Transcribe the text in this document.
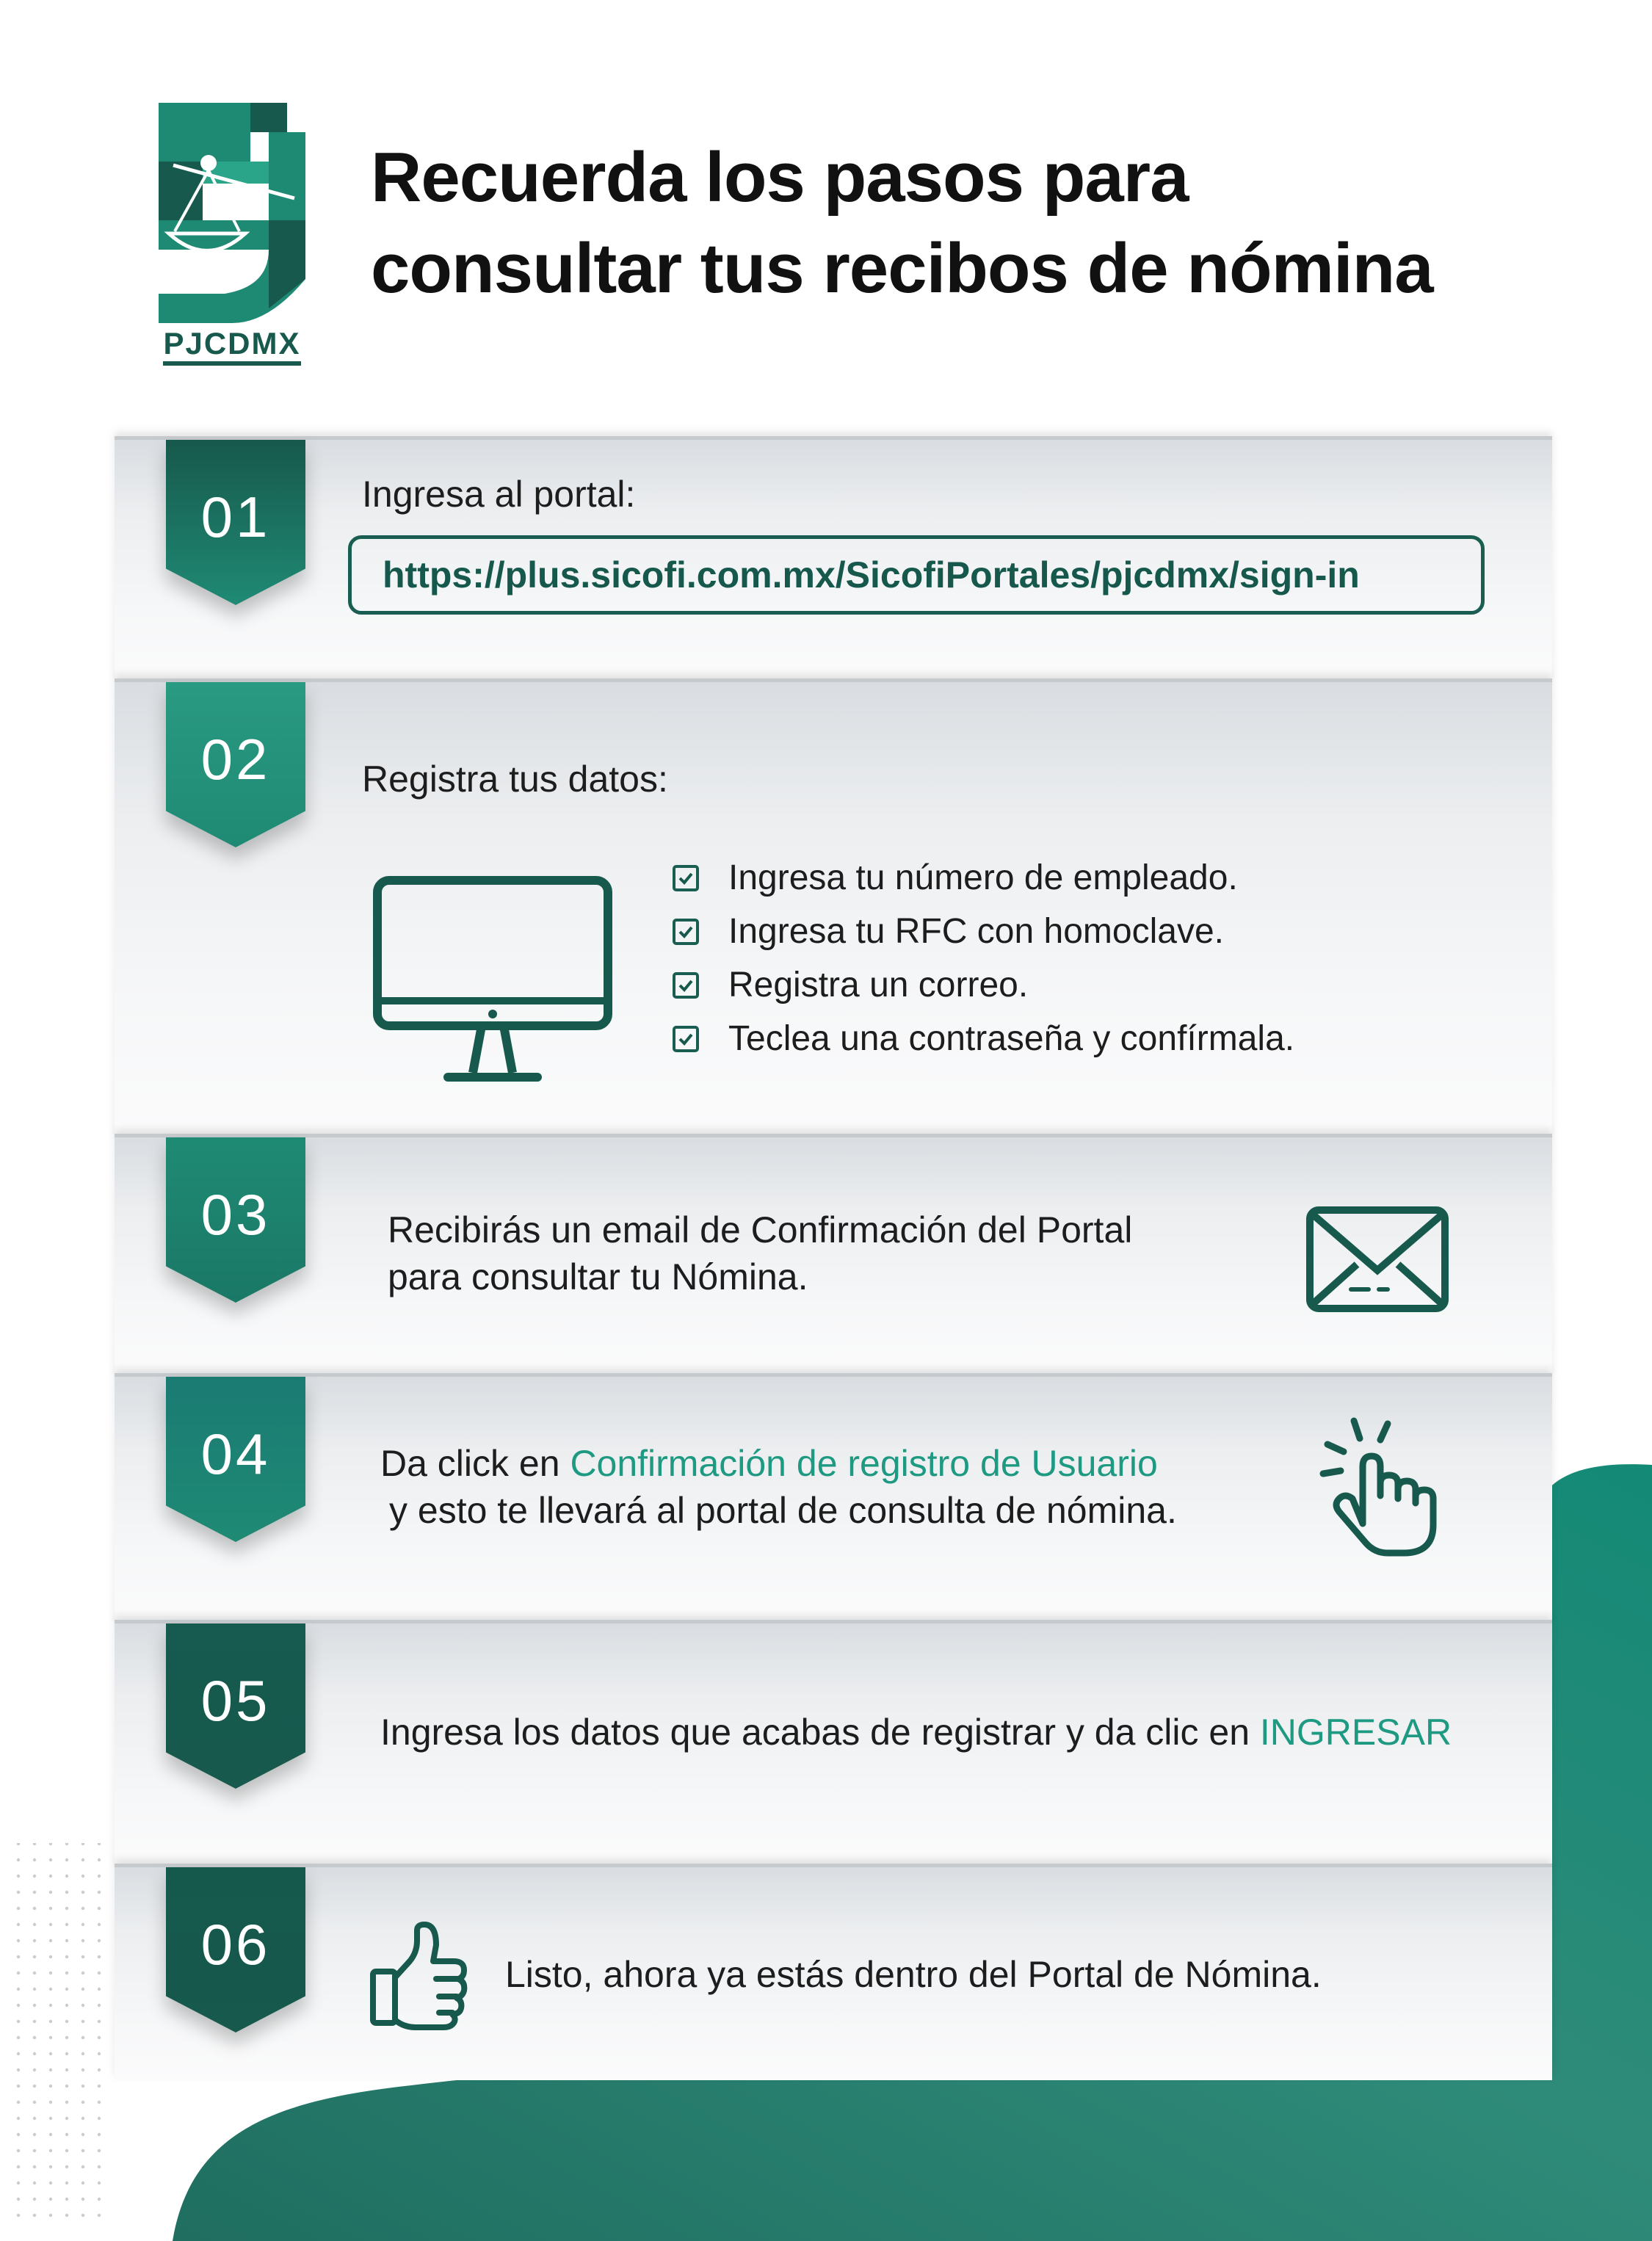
PJCDMX
Recuerda los pasos para
consultar tus recibos de nómina
01	Ingresa al portal:
https://plus.sicofi.com.mx/SicofiPortales/pjcdmx/sign-in
02	Registra tus datos:
Ingresa tu número de empleado.
Ingresa tu RFC con homoclave.
Registra un correo.
Teclea una contraseña y confírmala.
03	Recibirás un email de Confirmación del Portal
para consultar tu Nómina.
04	Da click en Confirmación de registro de Usuario
y esto te llevará al portal de consulta de nómina.
05	Ingresa los datos que acabas de registrar y da clic en INGRESAR
06	Listo, ahora ya estás dentro del Portal de Nómina.
